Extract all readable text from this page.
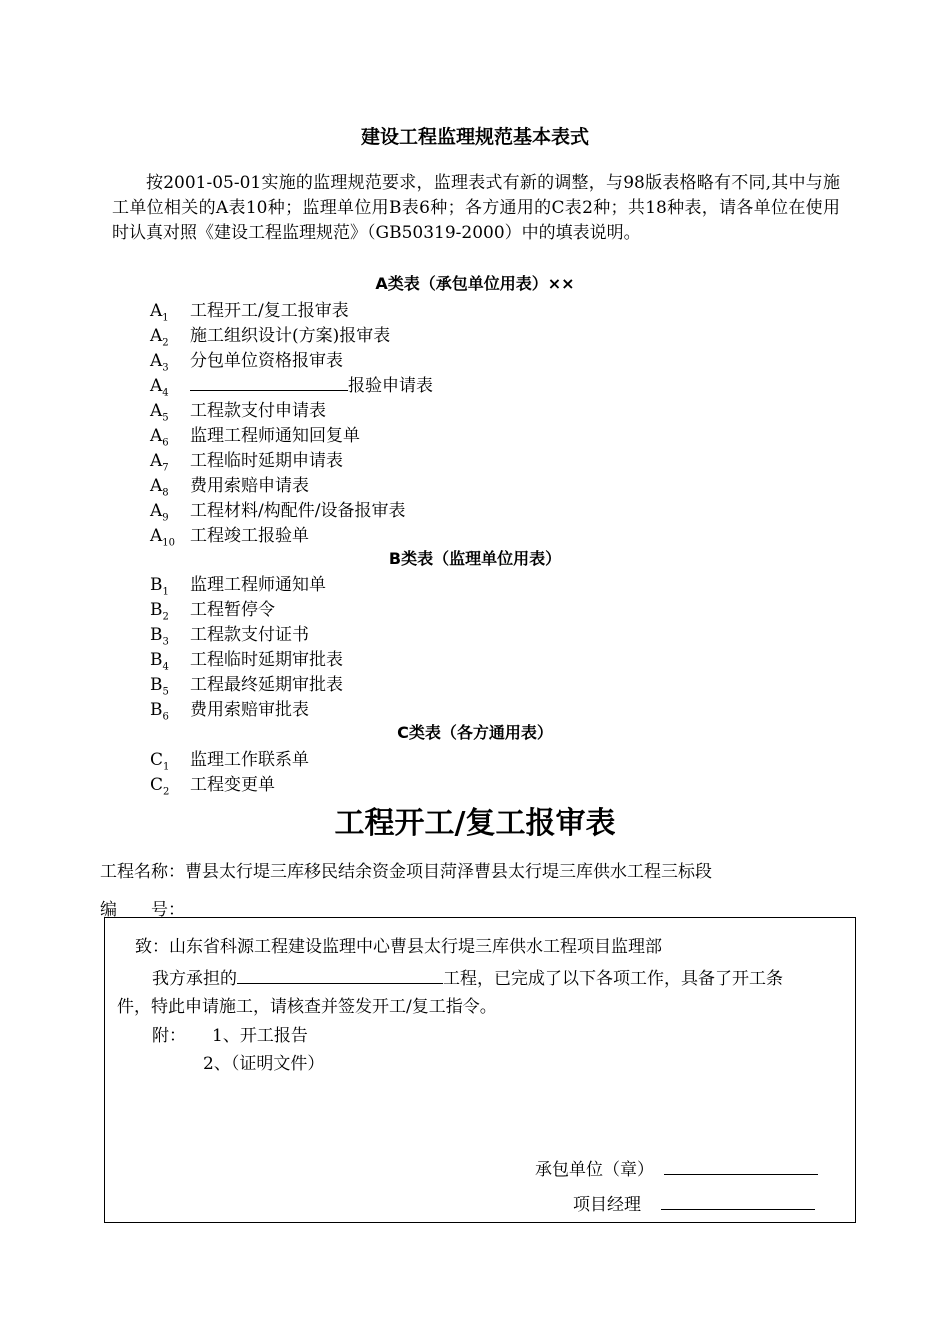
建设工程监理规范基本表式

按2001-05-01实施的监理规范要求，监理表式有新的调整，与98版表格略有不同,其中与施工单位相关的A表10种；监理单位用B表6种；各方通用的C表2种；共18种表，请各单位在使用时认真对照《建设工程监理规范》（GB50319-2000）中的填表说明。

A类表（承包单位用表）××
$A_1$ 工程开工/复工报审表
$A_2$ 施工组织设计(方案)报审表
$A_3$ 分包单位资格报审表
$A_4$	报验申请表
$A_5$ 工程款支付申请表
$A_6$ 监理工程师通知回复单
$A_7$ 工程临时延期申请表
$A_8$ 费用索赔申请表
$A_9$ 工程材料/构配件/设备报审表
$A_{10}$ 工程竣工报验单
B类表（监理单位用表）
$B_1$ 监理工程师通知单
$B_2$ 工程暂停令
$B_3$ 工程款支付证书
$B_4$ 工程临时延期审批表
$B_5$ 工程最终延期审批表
$B_6$ 费用索赔审批表
C类表（各方通用表）
$C_1$ 监理工作联系单
$C_2$ 工程变更单
工程开工/复工报审表
工程名称：曹县太行堤三库移民结余资金项目菏泽曹县太行堤三库供水工程三标段
编　　号：
致：山东省科源工程建设监理中心曹县太行堤三库供水工程项目监理部
我方承担的	工程，已完成了以下各项工作，具备了开工条
件，特此申请施工，请核查并签发开工/复工指令。
附： 1、开工报告
2、（证明文件）
承包单位（章）
项目经理
